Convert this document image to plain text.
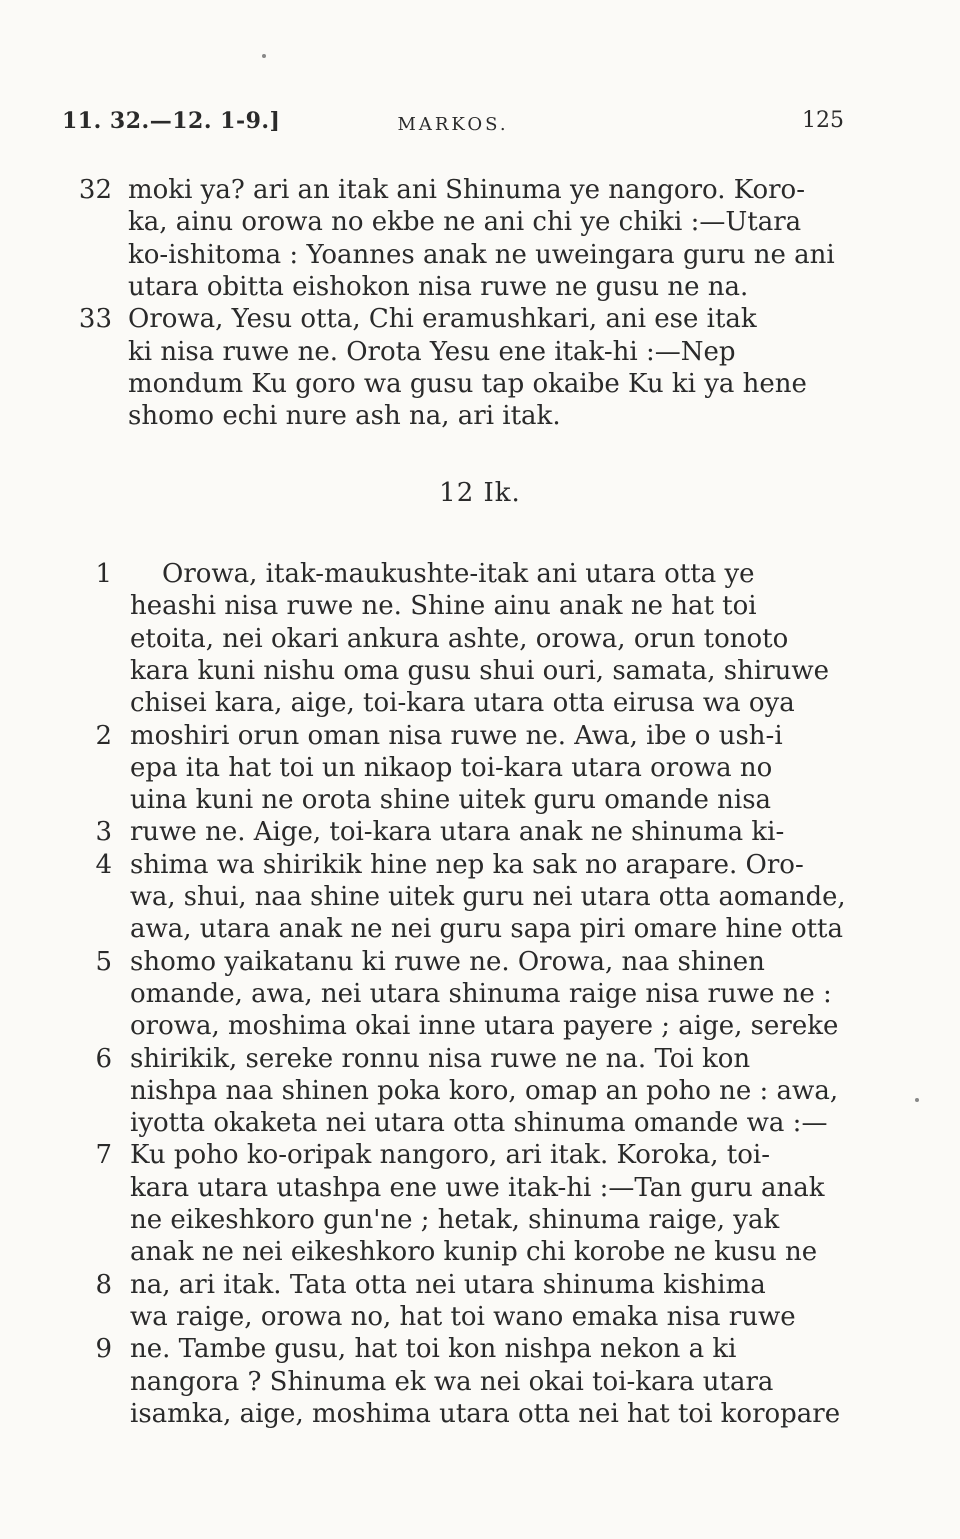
11. 32.—12. 1-9.]	MARKOS.	125
moki ya? ari an itak ani Shinuma ye nangoro. Koro-
ka, ainu orowa no ekbe ne ani chi ye chiki :—Utara
ko-ishitoma : Yoannes anak ne uweingara guru ne ani
utara obitta eishokon nisa ruwe ne gusu ne na.
Orowa, Yesu otta, Chi eramushkari, ani ese itak
ki nisa ruwe ne. Orota Yesu ene itak-hi :—Nep
mondum Ku goro wa gusu tap okaibe Ku ki ya hene
shomo echi nure ash na, ari itak.
32
33
12 Ik.
Orowa, itak-maukushte-itak ani utara otta ye
heashi nisa ruwe ne. Shine ainu anak ne hat toi
etoita, nei okari ankura ashte, orowa, orun tonoto
kara kuni nishu oma gusu shui ouri, samata, shiruwe
chisei kara, aige, toi-kara utara otta eirusa wa oya
moshiri orun oman nisa ruwe ne. Awa, ibe o ush-i
epa ita hat toi un nikaop toi-kara utara orowa no
uina kuni ne orota shine uitek guru omande nisa
ruwe ne. Aige, toi-kara utara anak ne shinuma ki-
shima wa shirikik hine nep ka sak no arapare. Oro-
wa, shui, naa shine uitek guru nei utara otta aomande,
awa, utara anak ne nei guru sapa piri omare hine otta
shomo yaikatanu ki ruwe ne. Orowa, naa shinen
omande, awa, nei utara shinuma raige nisa ruwe ne :
orowa, moshima okai inne utara payere ; aige, sereke
shirikik, sereke ronnu nisa ruwe ne na. Toi kon
nishpa naa shinen poka koro, omap an poho ne : awa,
iyotta okaketa nei utara otta shinuma omande wa :—
Ku poho ko-oripak nangoro, ari itak. Koroka, toi-
kara utara utashpa ene uwe itak-hi :—Tan guru anak
ne eikeshkoro gun'ne ; hetak, shinuma raige, yak
anak ne nei eikeshkoro kunip chi korobe ne kusu ne
na, ari itak. Tata otta nei utara shinuma kishima
wa raige, orowa no, hat toi wano emaka nisa ruwe
ne. Tambe gusu, hat toi kon nishpa nekon a ki
nangora ? Shinuma ek wa nei okai toi-kara utara
isamka, aige, moshima utara otta nei hat toi koropare
1
2
3
4
5
6
7
8
9
